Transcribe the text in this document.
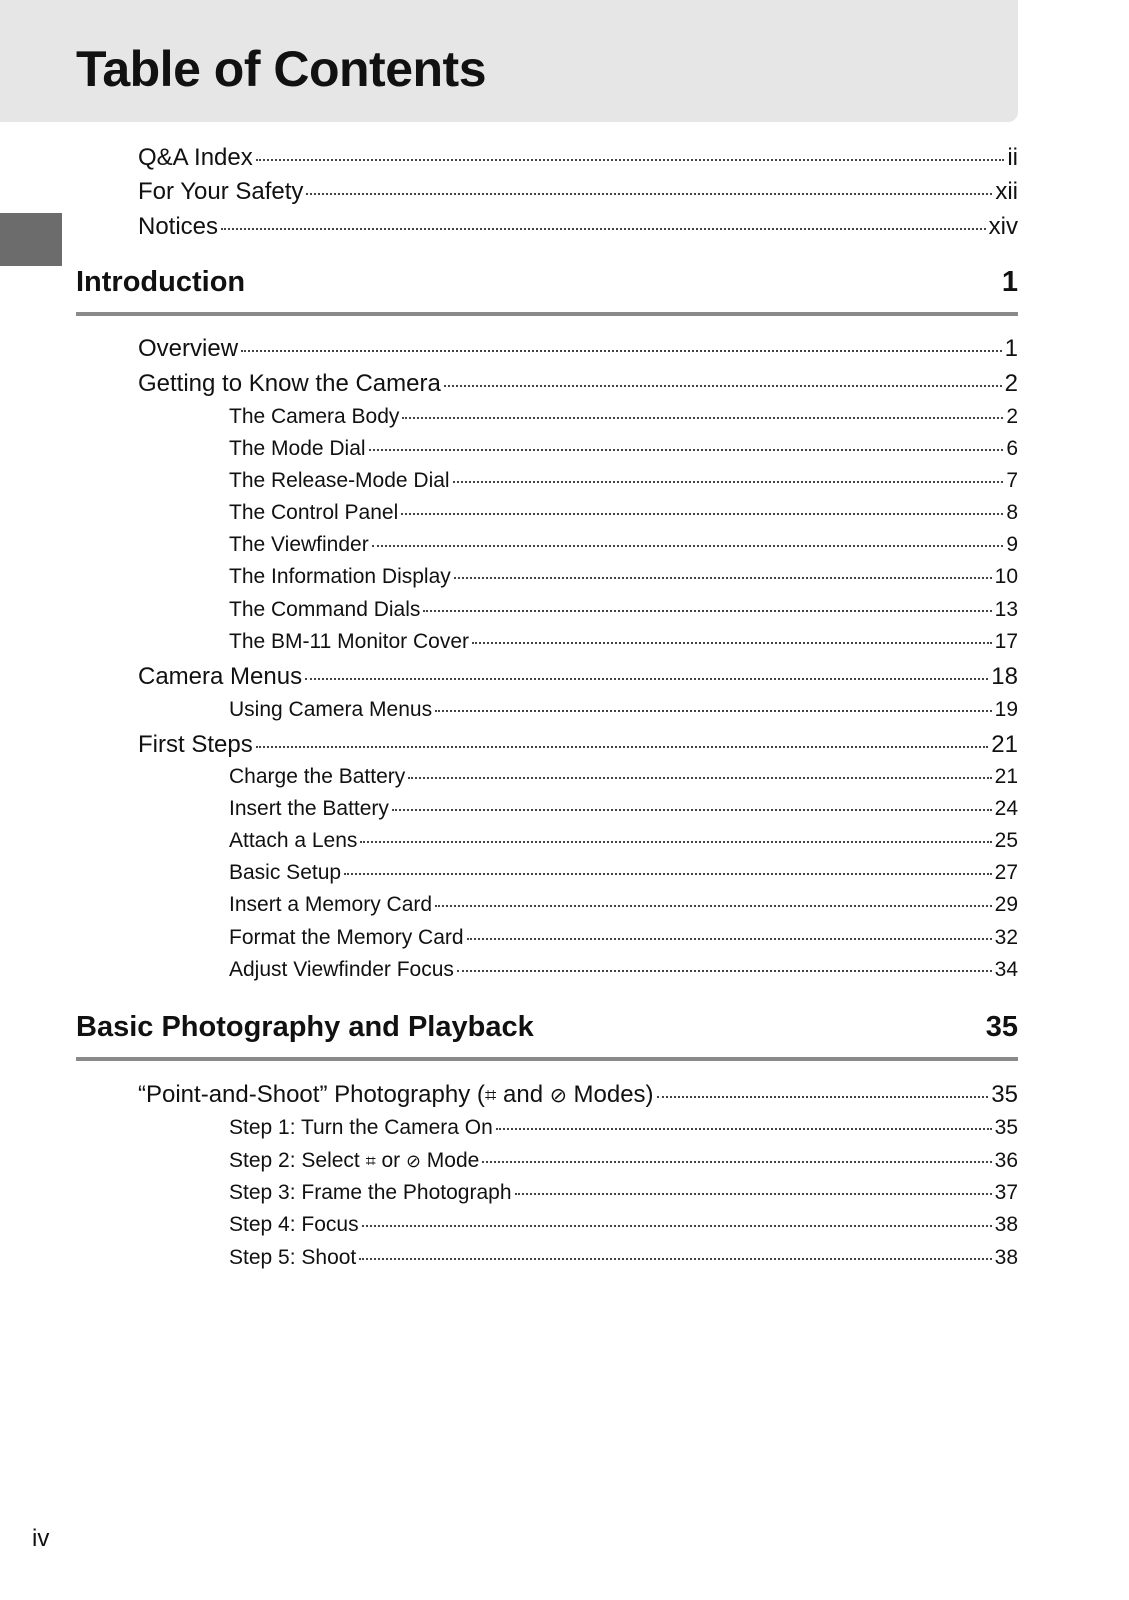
Table of Contents
Q&A Index	ii
For Your Safety	xii
Notices	xiv
Introduction	1
Overview	1
Getting to Know the Camera	2
The Camera Body	2
The Mode Dial	6
The Release-Mode Dial	7
The Control Panel	8
The Viewfinder	9
The Information Display	10
The Command Dials	13
The BM-11 Monitor Cover	17
Camera Menus	18
Using Camera Menus	19
First Steps	21
Charge the Battery	21
Insert the Battery	24
Attach a Lens	25
Basic Setup	27
Insert a Memory Card	29
Format the Memory Card	32
Adjust Viewfinder Focus	34
Basic Photography and Playback	35
“Point-and-Shoot” Photography (⌗ and ⊘ Modes)	35
Step 1: Turn the Camera On	35
Step 2: Select ⌗ or ⊘ Mode	36
Step 3: Frame the Photograph	37
Step 4: Focus	38
Step 5: Shoot	38
iv
